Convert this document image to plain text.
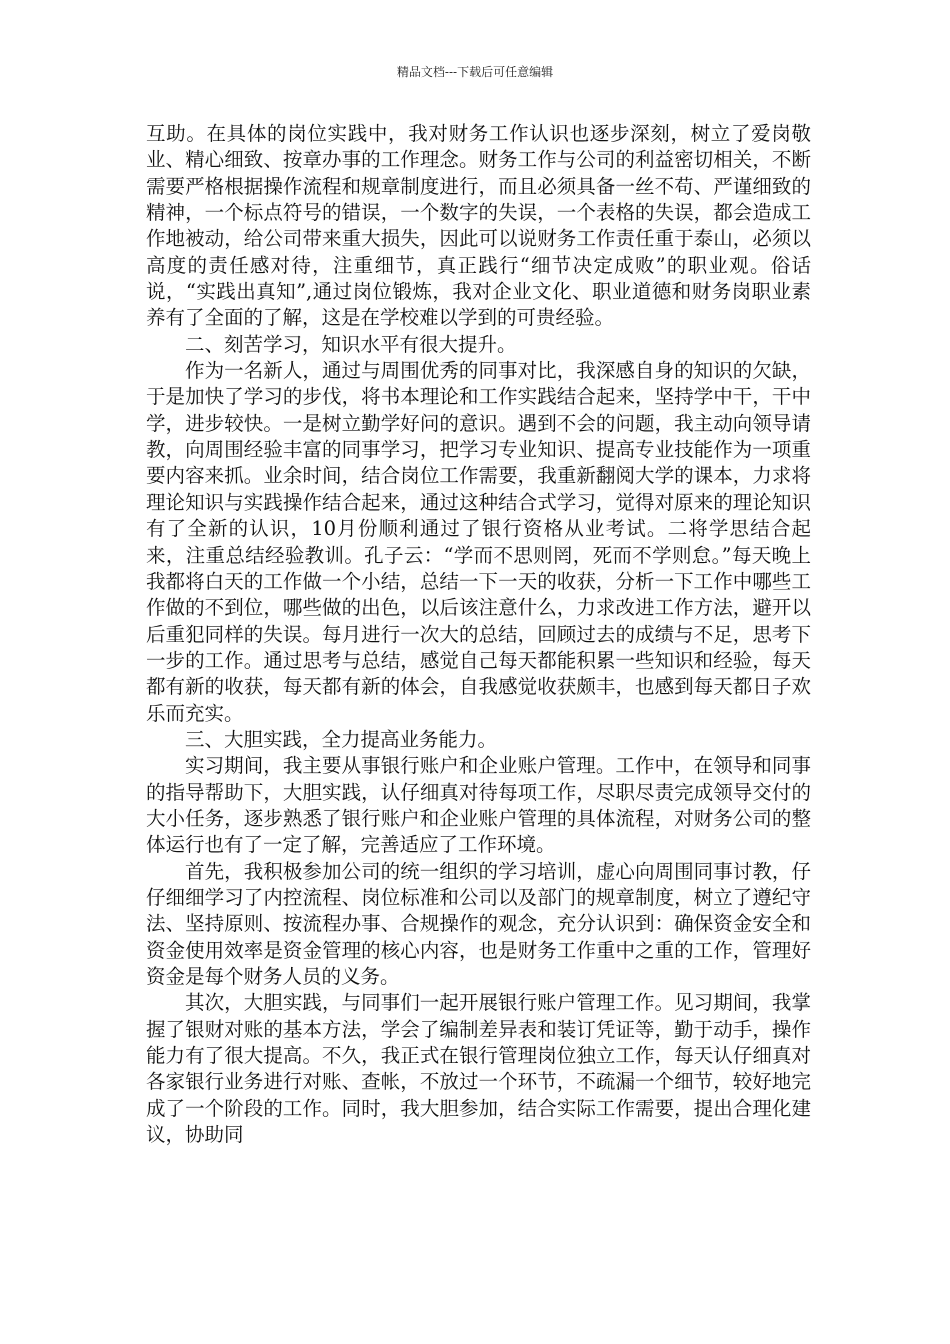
精品文档---下载后可任意编辑

互助。在具体的岗位实践中，我对财务工作认识也逐步深刻，树立了爱岗敬业、精心细致、按章办事的工作理念。财务工作与公司的利益密切相关，不断需要严格根据操作流程和规章制度进行，而且必须具备一丝不苟、严谨细致的精神，一个标点符号的错误，一个数字的失误，一个表格的失误，都会造成工作地被动，给公司带来重大损失，因此可以说财务工作责任重于泰山，必须以高度的责任感对待，注重细节，真正践行“细节决定成败”的职业观。俗话说，“实践出真知”,通过岗位锻炼，我对企业文化、职业道德和财务岗职业素养有了全面的了解，这是在学校难以学到的可贵经验。

二、刻苦学习，知识水平有很大提升。

作为一名新人，通过与周围优秀的同事对比，我深感自身的知识的欠缺，于是加快了学习的步伐，将书本理论和工作实践结合起来，坚持学中干，干中学，进步较快。一是树立勤学好问的意识。遇到不会的问题，我主动向领导请教，向周围经验丰富的同事学习，把学习专业知识、提高专业技能作为一项重要内容来抓。业余时间，结合岗位工作需要，我重新翻阅大学的课本，力求将理论知识与实践操作结合起来，通过这种结合式学习，觉得对原来的理论知识有了全新的认识，10月份顺利通过了银行资格从业考试。二将学思结合起来，注重总结经验教训。孔子云：“学而不思则罔，死而不学则怠。”每天晚上我都将白天的工作做一个小结，总结一下一天的收获，分析一下工作中哪些工作做的不到位，哪些做的出色，以后该注意什么，力求改进工作方法，避开以后重犯同样的失误。每月进行一次大的总结，回顾过去的成绩与不足，思考下一步的工作。通过思考与总结，感觉自己每天都能积累一些知识和经验，每天都有新的收获，每天都有新的体会，自我感觉收获颇丰，也感到每天都日子欢乐而充实。

三、大胆实践，全力提高业务能力。

实习期间，我主要从事银行账户和企业账户管理。工作中，在领导和同事的指导帮助下，大胆实践，认仔细真对待每项工作，尽职尽责完成领导交付的大小任务，逐步熟悉了银行账户和企业账户管理的具体流程，对财务公司的整体运行也有了一定了解，完善适应了工作环境。

首先，我积极参加公司的统一组织的学习培训，虚心向周围同事讨教，仔仔细细学习了内控流程、岗位标准和公司以及部门的规章制度，树立了遵纪守法、坚持原则、按流程办事、合规操作的观念，充分认识到：确保资金安全和资金使用效率是资金管理的核心内容，也是财务工作重中之重的工作，管理好资金是每个财务人员的义务。

其次，大胆实践，与同事们一起开展银行账户管理工作。见习期间，我掌握了银财对账的基本方法，学会了编制差异表和装订凭证等，勤于动手，操作能力有了很大提高。不久，我正式在银行管理岗位独立工作，每天认仔细真对各家银行业务进行对账、查帐，不放过一个环节，不疏漏一个细节，较好地完成了一个阶段的工作。同时，我大胆参加，结合实际工作需要，提出合理化建议，协助同
